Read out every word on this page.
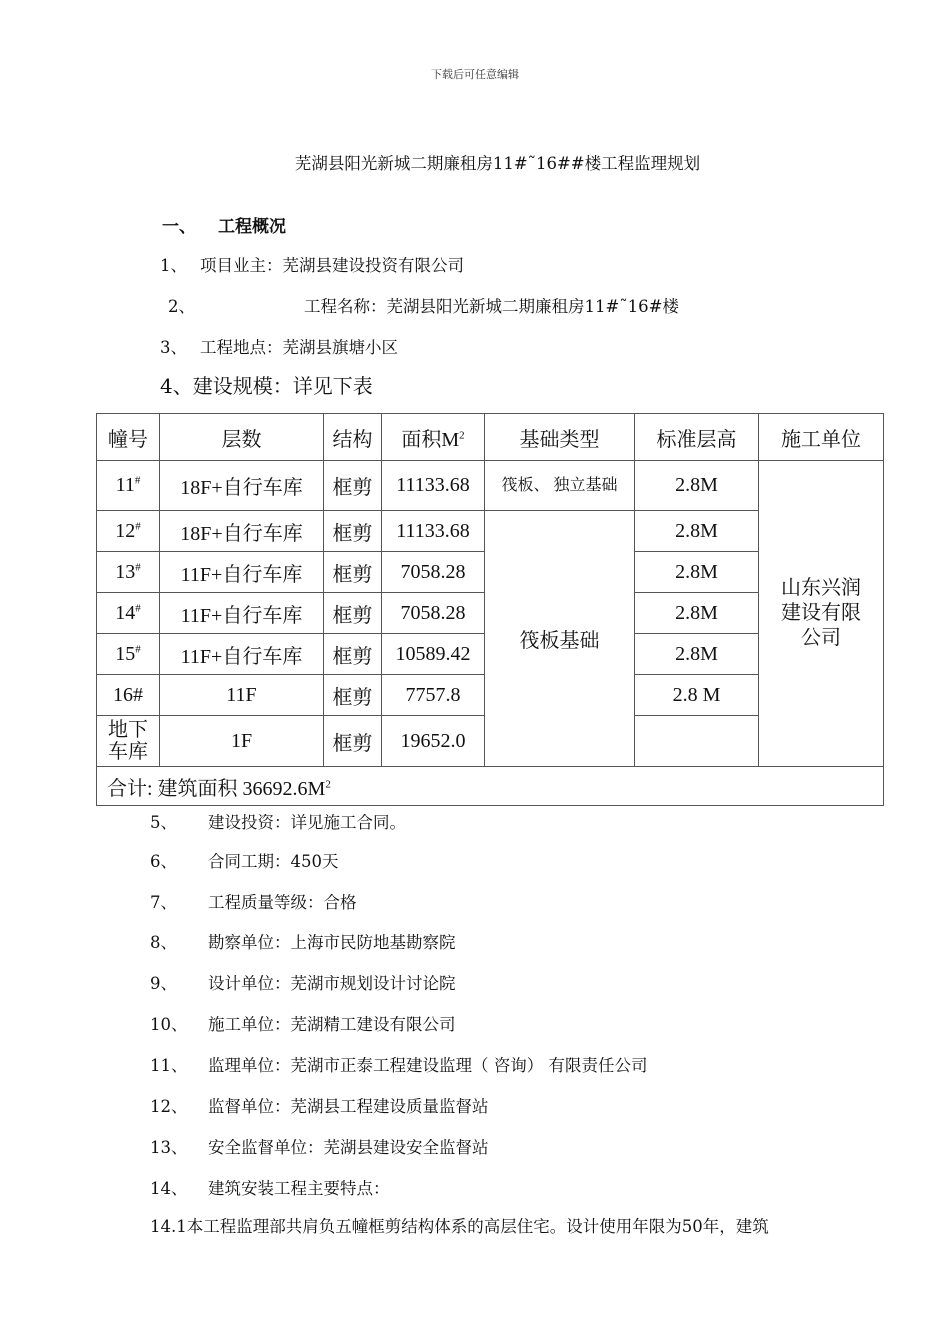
下载后可任意编辑
芜湖县阳光新城二期廉租房11#˜16##楼工程监理规划
一、 工程概况
1、 项目业主：芜湖县建设投资有限公司
2、	工程名称：芜湖县阳光新城二期廉租房11#˜16#楼
3、 工程地点：芜湖县旗塘小区
4、建设规模：详见下表
幢号	层数	结构	面积$M^2$	基础类型	标准层高	施工单位
11#	18F+自行车库	框剪	11133.68	筏板、 独立基础	2.8M	山东兴润建设有限公司
12#	18F+自行车库	框剪	11133.68	筏板基础	2.8M	
13#	11F+自行车库	框剪	7058.28		2.8M	
14#	11F+自行车库	框剪	7058.28		2.8M	
15#	11F+自行车库	框剪	10589.42		2.8M	
16#	11F	框剪	7757.8		2.8 M	
地下车库	1F	框剪	19652.0			
合计: 建筑面积 $36692.6M^2$
5、 建设投资：详见施工合同。
6、 合同工期：450天
7、 工程质量等级：合格
8、 勘察单位：上海市民防地基勘察院
9、 设计单位：芜湖市规划设计讨论院
10、 施工单位：芜湖精工建设有限公司
11、 监理单位：芜湖市正泰工程建设监理（ 咨询） 有限责任公司
12、 监督单位：芜湖县工程建设质量监督站
13、 安全监督单位：芜湖县建设安全监督站
14、 建筑安装工程主要特点：
14.1本工程监理部共肩负五幢框剪结构体系的高层住宅。设计使用年限为50年，建筑
